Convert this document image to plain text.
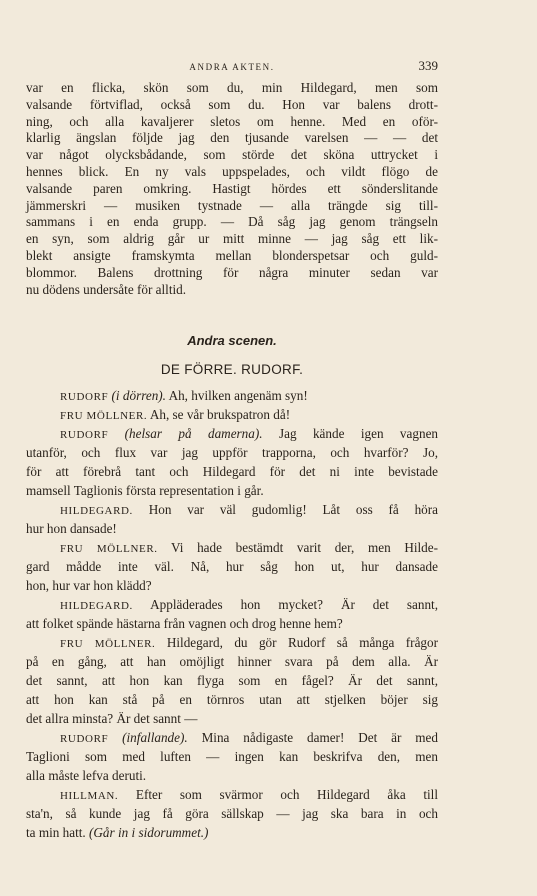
ANDRA AKTEN.	339
var en flicka, skön som du, min Hildegard, men som
valsande förtviflad, också som du. Hon var balens drott-
ning, och alla kavaljerer sletos om henne. Med en oför-
klarlig ängslan följde jag den tjusande varelsen — — det
var något olycksbådande, som störde det sköna uttrycket i
hennes blick. En ny vals uppspelades, och vildt flögo de
valsande paren omkring. Hastigt hördes ett sönderslitande
jämmerskri — musiken tystnade — alla trängde sig till-
sammans i en enda grupp. — Då såg jag genom trängseln
en syn, som aldrig går ur mitt minne — jag såg ett lik-
blekt ansigte framskymta mellan blonderspetsar och guld-
blommor. Balens drottning för några minuter sedan var
nu dödens undersåte för alltid.
Andra scenen.
DE FÖRRE. RUDORF.
RUDORF (i dörren). Ah, hvilken angenäm syn!
FRU MÖLLNER. Ah, se vår brukspatron då!
RUDORF (helsar på damerna). Jag kände igen vagnen
utanför, och flux var jag uppför trapporna, och hvarför? Jo,
för att förebrå tant och Hildegard för det ni inte bevistade
mamsell Taglionis första representation i går.
HILDEGARD. Hon var väl gudomlig! Låt oss få höra
hur hon dansade!
FRU MÖLLNER. Vi hade bestämdt varit der, men Hilde-
gard mådde inte väl. Nå, hur såg hon ut, hur dansade
hon, hur var hon klädd?
HILDEGARD. Appläderades hon mycket? Är det sannt,
att folket spände hästarna från vagnen och drog henne hem?
FRU MÖLLNER. Hildegard, du gör Rudorf så många frågor
på en gång, att han omöjligt hinner svara på dem alla. Är
det sannt, att hon kan flyga som en fågel? Är det sannt,
att hon kan stå på en törnros utan att stjelken böjer sig
det allra minsta? Är det sannt —
RUDORF (infallande). Mina nådigaste damer! Det är med
Taglioni som med luften — ingen kan beskrifva den, men
alla måste lefva deruti.
HILLMAN. Efter som svärmor och Hildegard åka till
sta'n, så kunde jag få göra sällskap — jag ska bara in och
ta min hatt. (Går in i sidorummet.)
